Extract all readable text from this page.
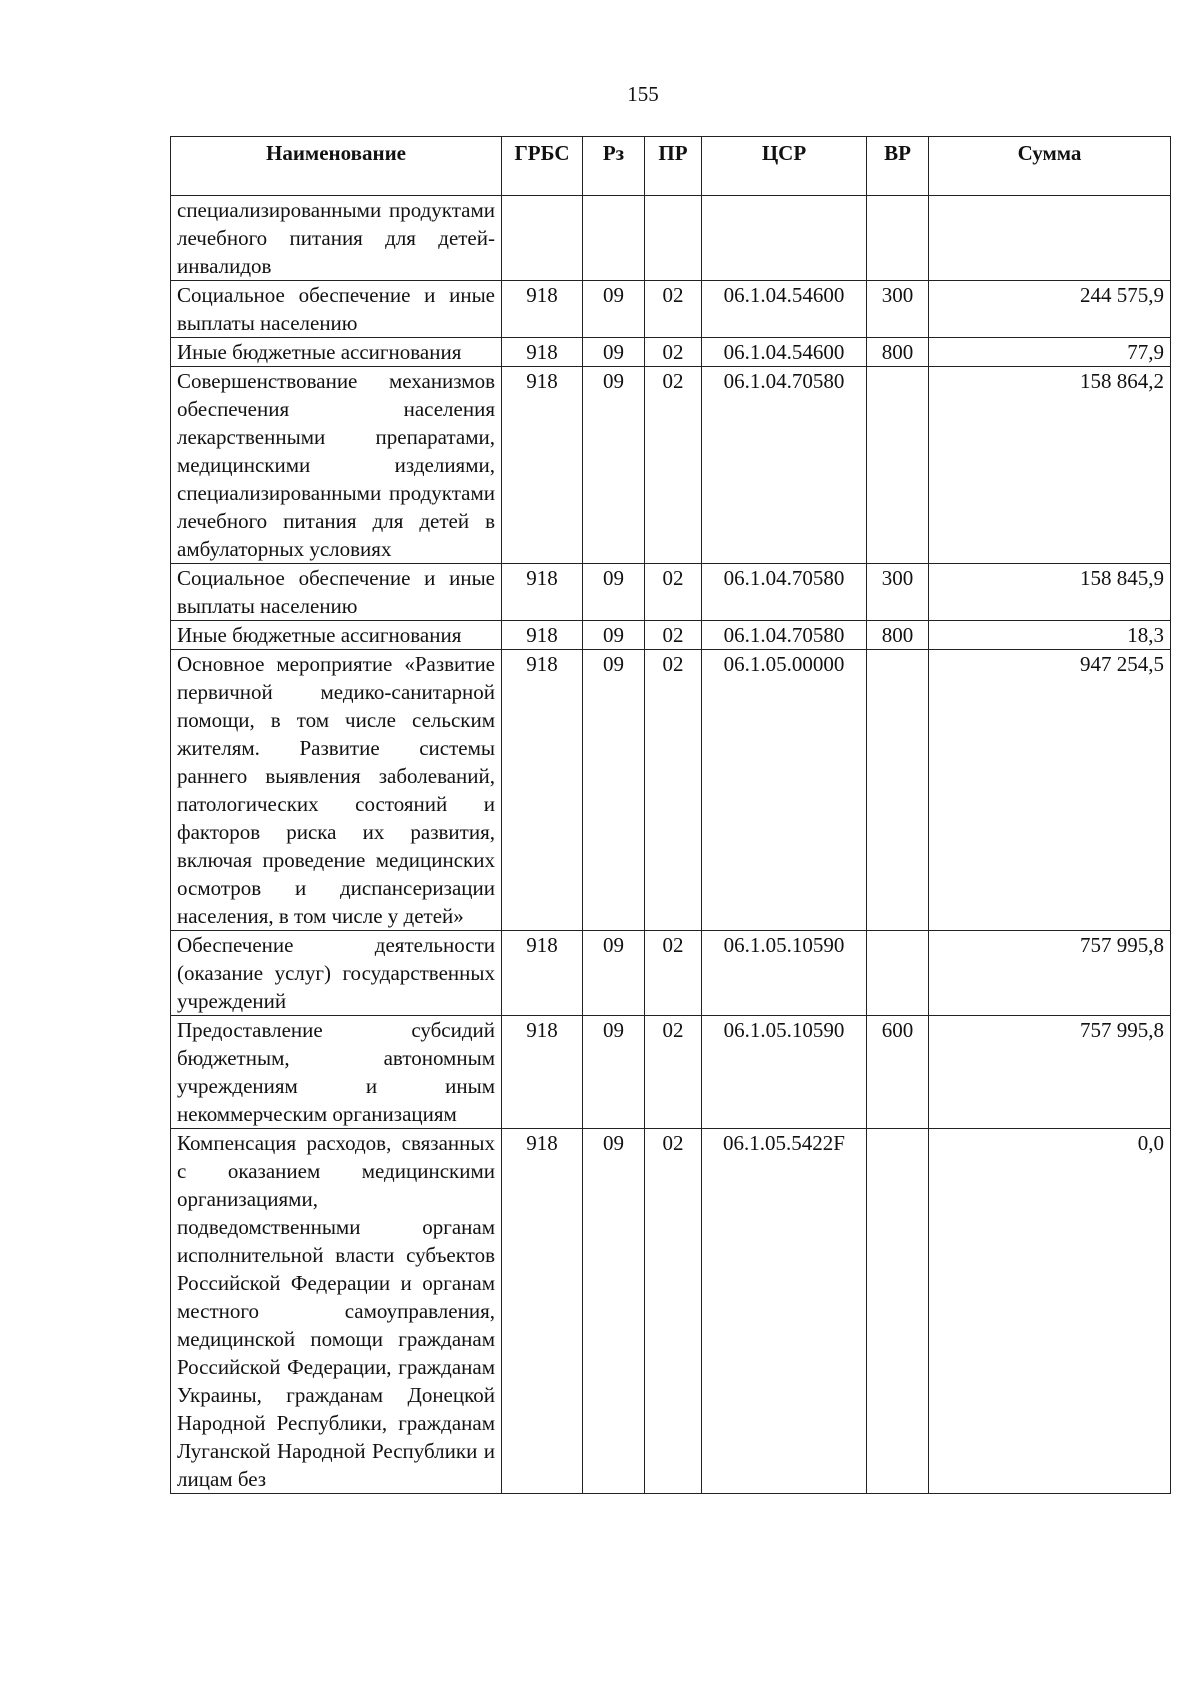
155
Наименование	ГРБС	Рз	ПР	ЦСР	ВР	Сумма
специализированными продуктами лечебного питания для детей-инвалидов						
Социальное обеспечение и иные выплаты населению	918	09	02	06.1.04.54600	300	244 575,9
Иные бюджетные ассигнования	918	09	02	06.1.04.54600	800	77,9
Совершенствование механизмов обеспечения населения лекарственными препаратами, медицинскими изделиями, специализированными продуктами лечебного питания для детей в амбулаторных условиях	918	09	02	06.1.04.70580		158 864,2
Социальное обеспечение и иные выплаты населению	918	09	02	06.1.04.70580	300	158 845,9
Иные бюджетные ассигнования	918	09	02	06.1.04.70580	800	18,3
Основное мероприятие «Развитие первичной медико-санитарной помощи, в том числе сельским жителям. Развитие системы раннего выявления заболеваний, патологических состояний и факторов риска их развития, включая проведение медицинских осмотров и диспансеризации населения, в том числе у детей»	918	09	02	06.1.05.00000		947 254,5
Обеспечение деятельности (оказание услуг) государственных учреждений	918	09	02	06.1.05.10590		757 995,8
Предоставление субсидий бюджетным, автономным учреждениям и иным некоммерческим организациям	918	09	02	06.1.05.10590	600	757 995,8
Компенсация расходов, связанных с оказанием медицинскими организациями, подведомственными органам исполнительной власти субъектов Российской Федерации и органам местного самоуправления, медицинской помощи гражданам Российской Федерации, гражданам Украины, гражданам Донецкой Народной Республики, гражданам Луганской Народной Республики и лицам без	918	09	02	06.1.05.5422F		0,0
